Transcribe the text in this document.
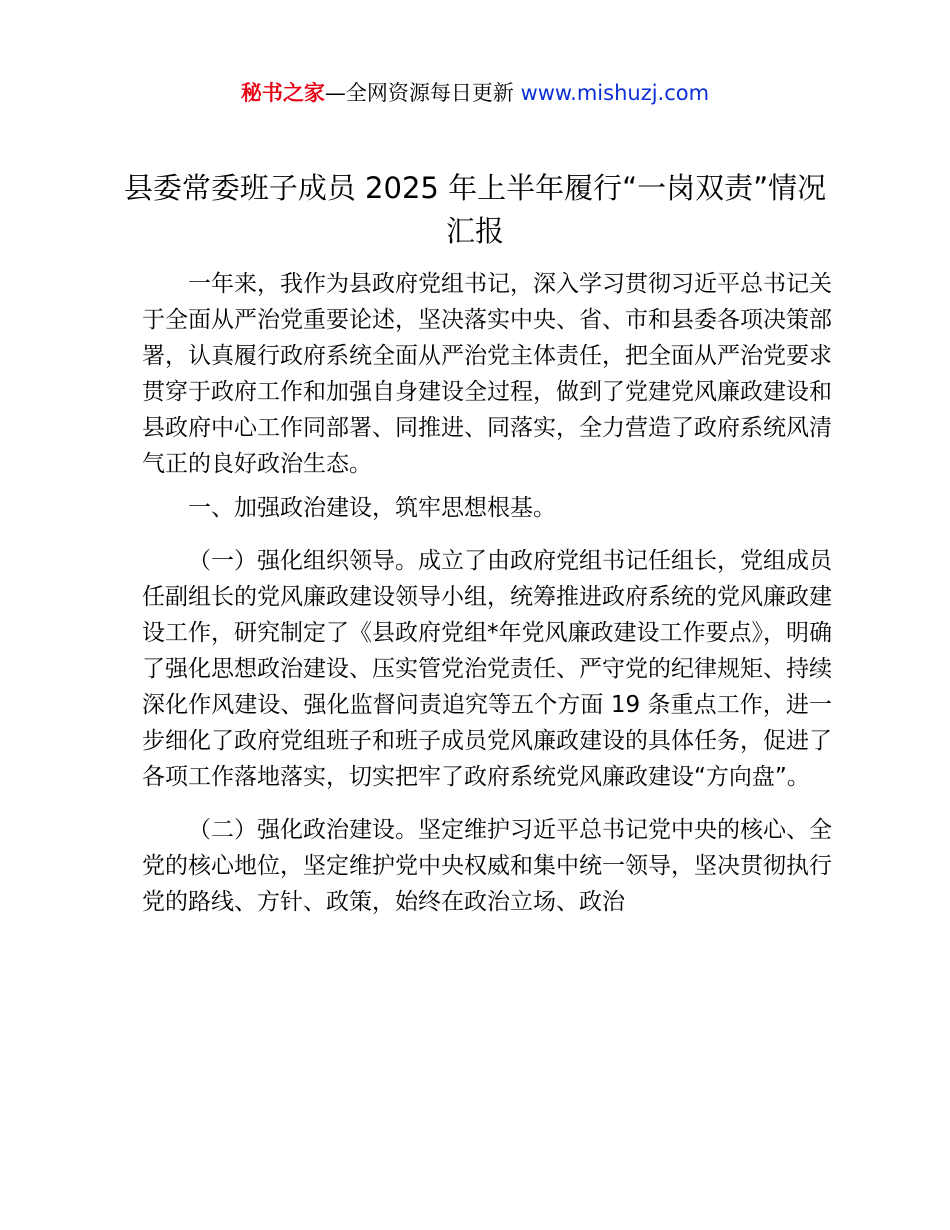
秘书之家—全网资源每日更新 www.mishuzj.com
县委常委班子成员 2025 年上半年履行“一岗双责”情况汇报

一年来，我作为县政府党组书记，深入学习贯彻习近平总书记关于全面从严治党重要论述，坚决落实中央、省、市和县委各项决策部署，认真履行政府系统全面从严治党主体责任，把全面从严治党要求贯穿于政府工作和加强自身建设全过程，做到了党建党风廉政建设和县政府中心工作同部署、同推进、同落实，全力营造了政府系统风清气正的良好政治生态。

一、加强政治建设，筑牢思想根基。

（一）强化组织领导。成立了由政府党组书记任组长，党组成员任副组长的党风廉政建设领导小组，统筹推进政府系统的党风廉政建设工作，研究制定了《县政府党组*年党风廉政建设工作要点》，明确了强化思想政治建设、压实管党治党责任、严守党的纪律规矩、持续深化作风建设、强化监督问责追究等五个方面 19 条重点工作，进一步细化了政府党组班子和班子成员党风廉政建设的具体任务，促进了各项工作落地落实，切实把牢了政府系统党风廉政建设“方向盘”。

（二）强化政治建设。坚定维护习近平总书记党中央的核心、全党的核心地位，坚定维护党中央权威和集中统一领导，坚决贯彻执行党的路线、方针、政策，始终在政治立场、政治
